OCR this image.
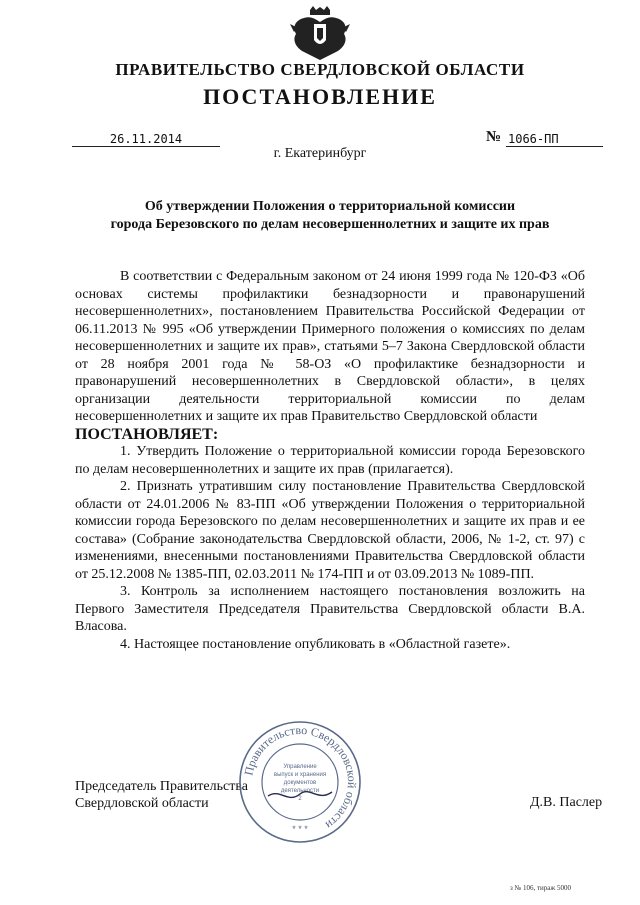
ПРАВИТЕЛЬСТВО СВЕРДЛОВСКОЙ ОБЛАСТИ
ПОСТАНОВЛЕНИЕ
26.11.2014	№ 1066-ПП
г. Екатеринбург
Об утверждении Положения о территориальной комиссии
города Березовского по делам несовершеннолетних и защите их прав

В соответствии с Федеральным законом от 24 июня 1999 года № 120-ФЗ «Об основах системы профилактики безнадзорности и правонарушений несовершеннолетних», постановлением Правительства Российской Федерации от 06.11.2013 № 995 «Об утверждении Примерного положения о комиссиях по делам несовершеннолетних и защите их прав», статьями 5–7 Закона Свердловской области от 28 ноября 2001 года № 58-ОЗ «О профилактике безнадзорности и правонарушений несовершеннолетних в Свердловской области», в целях организации деятельности территориальной комиссии по делам несовершеннолетних и защите их прав Правительство Свердловской области

ПОСТАНОВЛЯЕТ:

1. Утвердить Положение о территориальной комиссии города Березовского по делам несовершеннолетних и защите их прав (прилагается).

2. Признать утратившим силу постановление Правительства Свердловской области от 24.01.2006 № 83-ПП «Об утверждении Положения о территориальной комиссии города Березовского по делам несовершеннолетних и защите их прав и ее состава» (Собрание законодательства Свердловской области, 2006, № 1-2, ст. 97) с изменениями, внесенными постановлениями Правительства Свердловской области от 25.12.2008 № 1385-ПП, 02.03.2011 № 174-ПП и от 03.09.2013 № 1089-ПП.

3. Контроль за исполнением настоящего постановления возложить на Первого Заместителя Председателя Правительства Свердловской области В.А. Власова.

4. Настоящее постановление опубликовать в «Областной газете».

Председатель Правительства
Свердловской области	Д.В. Паслер
Правительство Свердловской области
Управление
выпуск и хранения
документов
деятельности
2
* * *
з № 106, тираж 5000
